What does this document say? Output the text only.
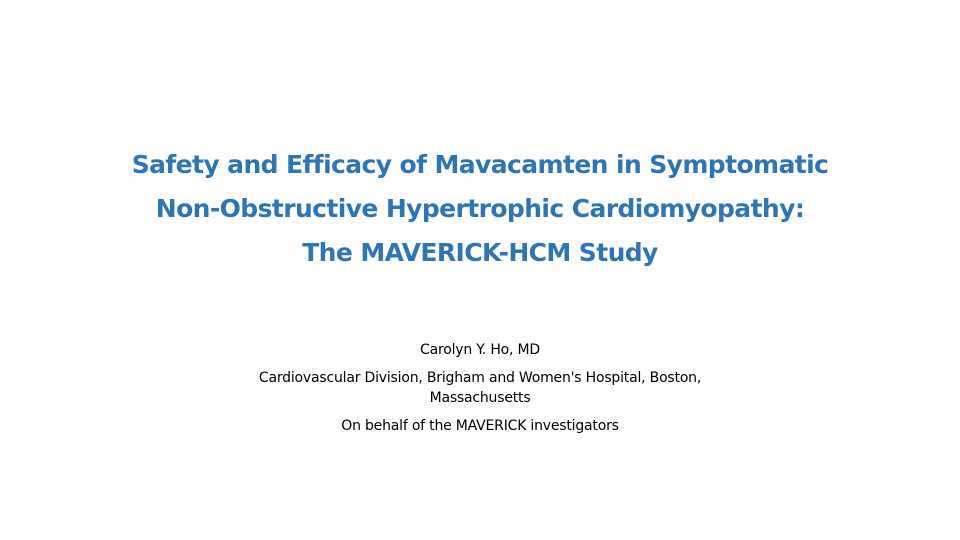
Safety and Efficacy of Mavacamten in Symptomatic
Non-Obstructive Hypertrophic Cardiomyopathy:
The MAVERICK-HCM Study
Carolyn Y. Ho, MD
Cardiovascular Division, Brigham and Women's Hospital, Boston,
Massachusetts
On behalf of the MAVERICK investigators
